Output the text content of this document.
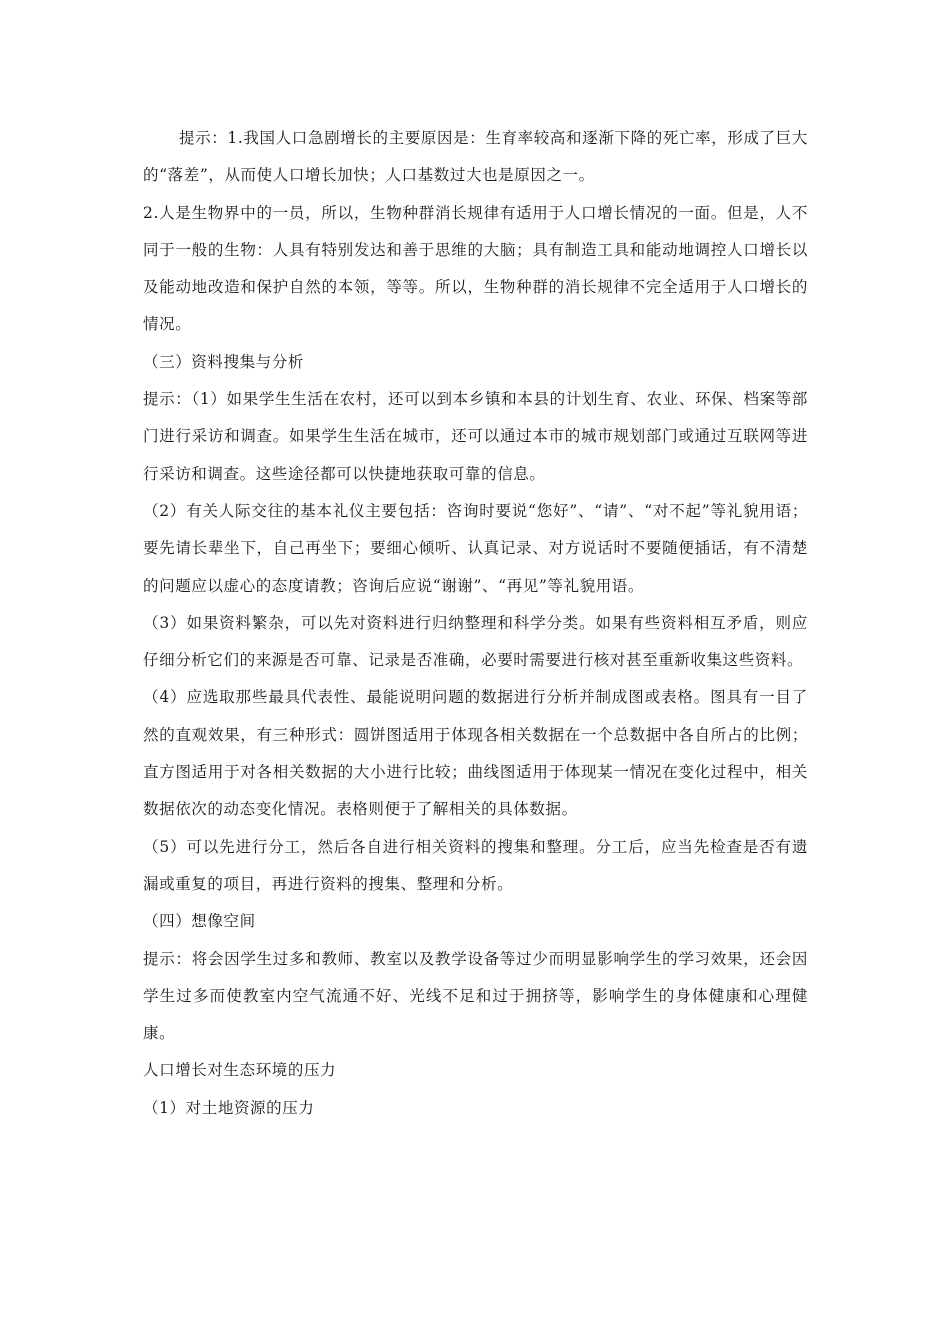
提示：1.我国人口急剧增长的主要原因是：生育率较高和逐渐下降的死亡率，形成了巨大的“落差”，从而使人口增长加快；人口基数过大也是原因之一。

2.人是生物界中的一员，所以，生物种群消长规律有适用于人口增长情况的一面。但是，人不同于一般的生物：人具有特别发达和善于思维的大脑；具有制造工具和能动地调控人口增长以及能动地改造和保护自然的本领，等等。所以，生物种群的消长规律不完全适用于人口增长的情况。

（三）资料搜集与分析

提示：（1）如果学生生活在农村，还可以到本乡镇和本县的计划生育、农业、环保、档案等部门进行采访和调查。如果学生生活在城市，还可以通过本市的城市规划部门或通过互联网等进行采访和调查。这些途径都可以快捷地获取可靠的信息。

（2）有关人际交往的基本礼仪主要包括：咨询时要说“您好”、“请”、“对不起”等礼貌用语；要先请长辈坐下，自己再坐下；要细心倾听、认真记录、对方说话时不要随便插话，有不清楚的问题应以虚心的态度请教；咨询后应说“谢谢”、“再见”等礼貌用语。

（3）如果资料繁杂，可以先对资料进行归纳整理和科学分类。如果有些资料相互矛盾，则应仔细分析它们的来源是否可靠、记录是否准确，必要时需要进行核对甚至重新收集这些资料。

（4）应选取那些最具代表性、最能说明问题的数据进行分析并制成图或表格。图具有一目了然的直观效果，有三种形式：圆饼图适用于体现各相关数据在一个总数据中各自所占的比例；直方图适用于对各相关数据的大小进行比较；曲线图适用于体现某一情况在变化过程中，相关数据依次的动态变化情况。表格则便于了解相关的具体数据。

（5）可以先进行分工，然后各自进行相关资料的搜集和整理。分工后，应当先检查是否有遗漏或重复的项目，再进行资料的搜集、整理和分析。

（四）想像空间

提示：将会因学生过多和教师、教室以及教学设备等过少而明显影响学生的学习效果，还会因学生过多而使教室内空气流通不好、光线不足和过于拥挤等，影响学生的身体健康和心理健康。

人口增长对生态环境的压力

（1）对土地资源的压力
